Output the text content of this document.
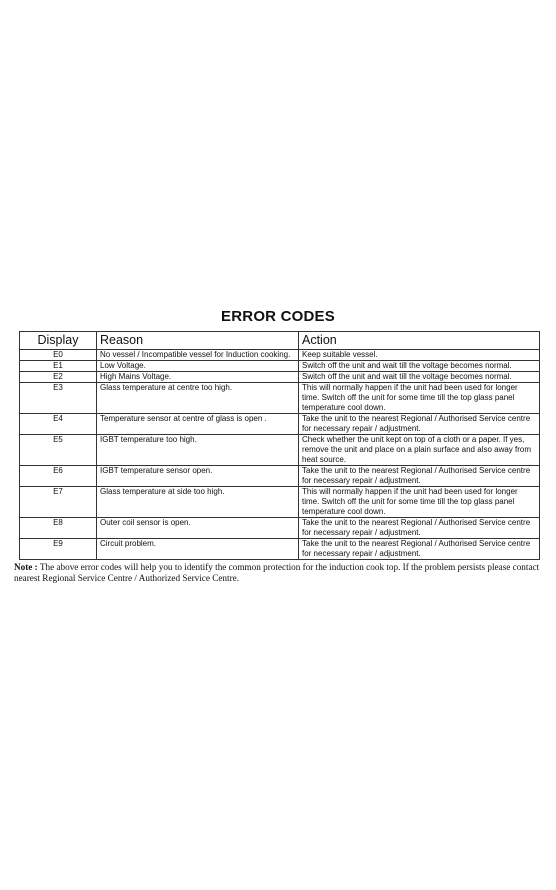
ERROR CODES
Display	Reason	Action
E0	No vessel / Incompatible vessel for Induction cooking.	Keep suitable vessel.
E1	Low Voltage.	Switch off the unit and wait till the voltage becomes normal.
E2	High Mains Voltage.	Switch off the unit and wait till the voltage becomes normal.
E3	Glass temperature at centre too high.	This will normally happen if the unit had been used for longer time. Switch off the unit for some time till the top glass panel temperature cool down.
E4	Temperature sensor at centre of glass is open .	Take the unit to the nearest Regional / Authorised Service centre for necessary repair / adjustment.
E5	IGBT temperature too high.	Check whether the unit kept on top of a cloth or a paper. If yes, remove the unit and place on a plain surface and also away from heat source.
E6	IGBT temperature sensor open.	Take the unit to the nearest Regional / Authorised Service centre for necessary repair / adjustment.
E7	Glass temperature at side too high.	This will normally happen if the unit had been used for longer time. Switch off the unit for some time till the top glass panel temperature cool down.
E8	Outer coil sensor is open.	Take the unit to the nearest Regional / Authorised Service centre for necessary repair / adjustment.
E9	Circuit problem.	Take the unit to the nearest Regional / Authorised Service centre for necessary repair / adjustment.
Note : The above error codes will help you to identify the common protection for the induction cook top. If the problem persists please contact nearest Regional Service Centre / Authorized Service Centre.
